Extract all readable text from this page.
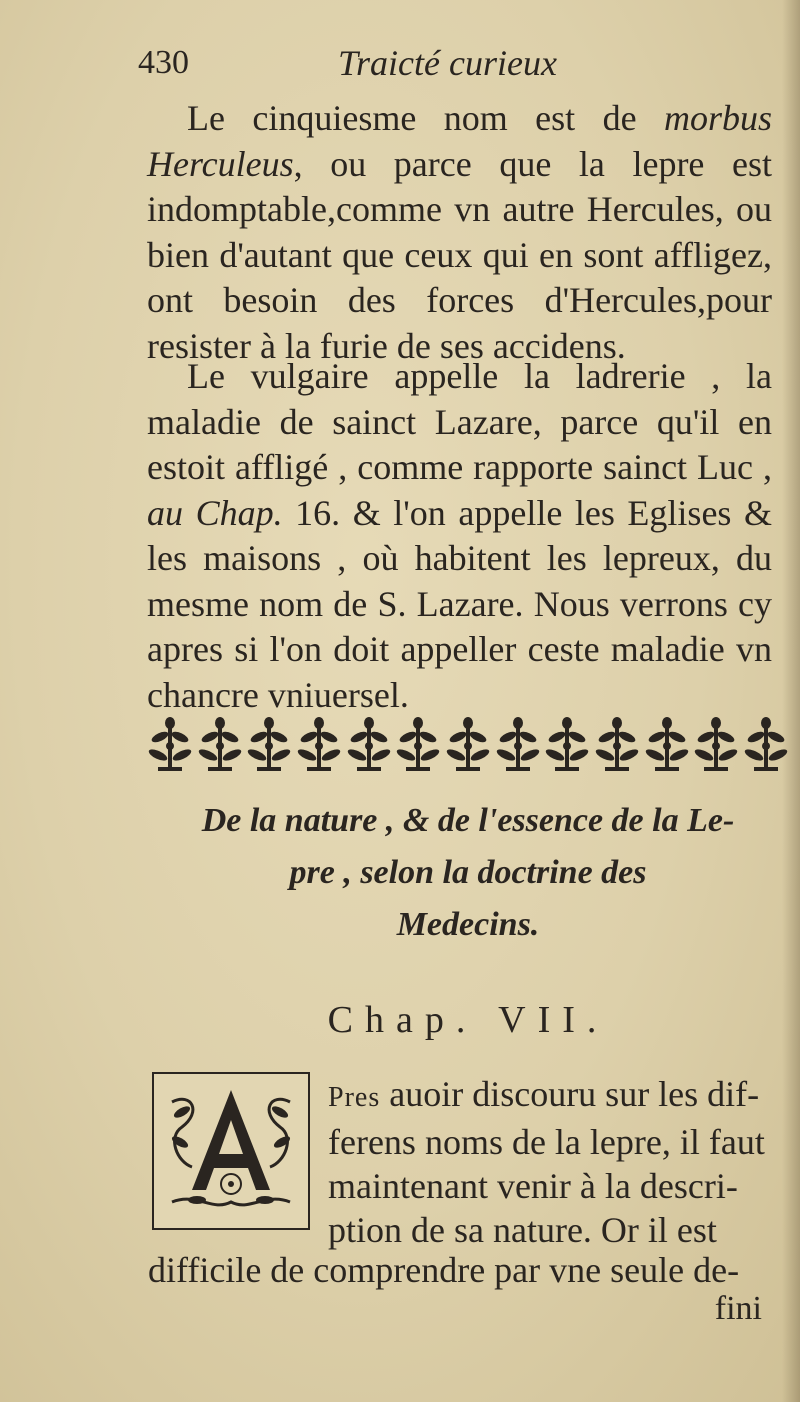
430	Traicté curieux

Le cinquiesme nom est de morbus Herculeus, ou parce que la lepre est indomptable,comme vn autre Hercules, ou bien d'autant que ceux qui en sont affligez, ont besoin des forces d'Hercules,pour resister à la furie de ses accidens.

Le vulgaire appelle la ladrerie , la maladie de sainct Lazare, parce qu'il en estoit affligé , comme rapporte sainct Luc , au Chap. 16. & l'on appelle les Eglises & les maisons , où habitent les lepreux, du mesme nom de S. Lazare. Nous verrons cy apres si l'on doit appeller ceste maladie vn chancre vniuersel.

De la nature , & de l'essence de la Le-
pre , selon la doctrine des
Medecins.
Chap. VII.
Pres auoir discouru sur les dif-
ferens noms de la lepre, il faut
maintenant venir à la descri-
ption de sa nature. Or il est
difficile de comprendre par vne seule de-
fini
